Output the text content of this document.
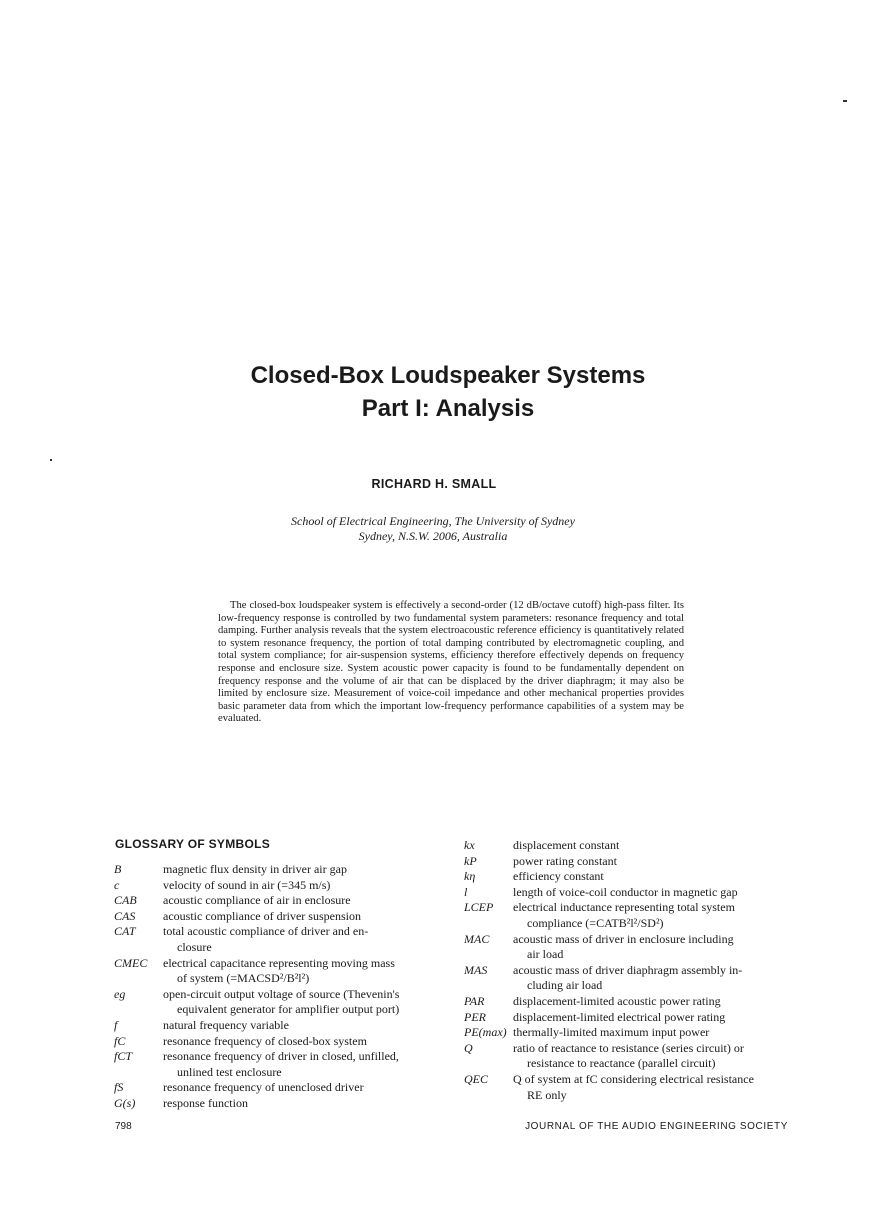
Closed-Box Loudspeaker Systems
Part I: Analysis
RICHARD H. SMALL
School of Electrical Engineering, The University of Sydney
Sydney, N.S.W. 2006, Australia
The closed-box loudspeaker system is effectively a second-order (12 dB/octave cutoff) high-pass filter. Its low-frequency response is controlled by two fundamental system parameters: resonance frequency and total damping. Further analysis reveals that the system electroacoustic reference efficiency is quantitatively related to system resonance frequency, the portion of total damping contributed by electromagnetic coupling, and total system compliance; for air-suspension systems, efficiency therefore effectively depends on frequency response and enclosure size. System acoustic power capacity is found to be fundamentally dependent on frequency response and the volume of air that can be displaced by the driver diaphragm; it may also be limited by enclosure size. Measurement of voice-coil impedance and other mechanical properties provides basic parameter data from which the important low-frequency performance capabilities of a system may be evaluated.
GLOSSARY OF SYMBOLS
B	magnetic flux density in driver air gap
c	velocity of sound in air (=345 m/s)
CAB	acoustic compliance of air in enclosure
CAS	acoustic compliance of driver suspension
CAT	total acoustic compliance of driver and en-
closure
CMEC	electrical capacitance representing moving mass
of system (=MACSD²/B²l²)
eg	open-circuit output voltage of source (Thevenin's
equivalent generator for amplifier output port)
f	natural frequency variable
fC	resonance frequency of closed-box system
fCT	resonance frequency of driver in closed, unfilled,
unlined test enclosure
fS	resonance frequency of unenclosed driver
G(s)	response function
kx	displacement constant
kP	power rating constant
kη	efficiency constant
l	length of voice-coil conductor in magnetic gap
LCEP	electrical inductance representing total system
compliance (=CATB²l²/SD²)
MAC	acoustic mass of driver in enclosure including
air load
MAS	acoustic mass of driver diaphragm assembly in-
cluding air load
PAR	displacement-limited acoustic power rating
PER	displacement-limited electrical power rating
PE(max) thermally-limited maximum input power
Q	ratio of reactance to resistance (series circuit) or
resistance to reactance (parallel circuit)
QEC	Q of system at fC considering electrical resistance
RE only
798	JOURNAL OF THE AUDIO ENGINEERING SOCIETY
